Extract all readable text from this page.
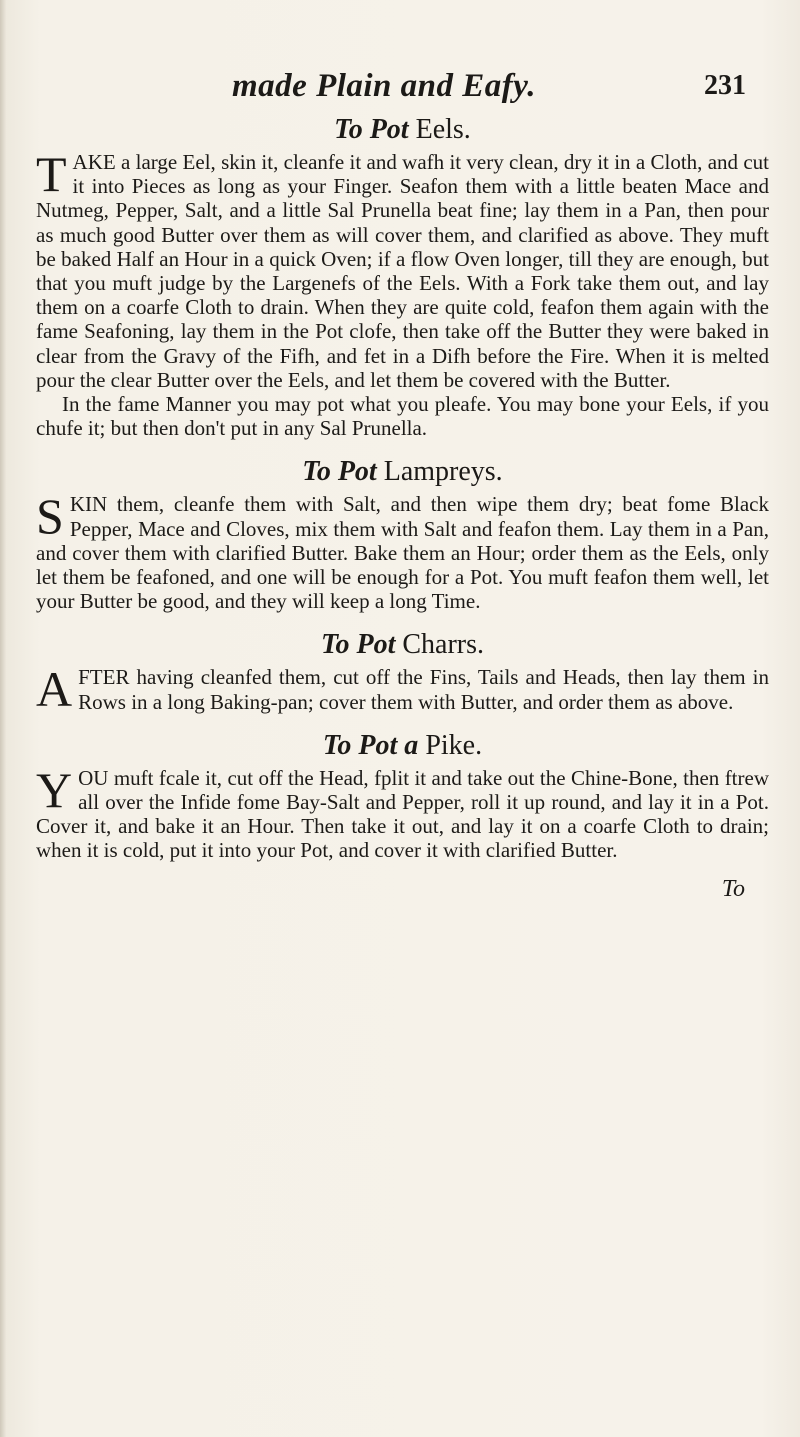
made Plain and Eafy.	231
To Pot Eels.

TAKE a large Eel, skin it, cleanfe it and wafh it very clean, dry it in a Cloth, and cut it into Pieces as long as your Finger. Seafon them with a little beaten Mace and Nutmeg, Pepper, Salt, and a little Sal Prunella beat fine; lay them in a Pan, then pour as much good Butter over them as will cover them, and clarified as above. They muft be baked Half an Hour in a quick Oven; if a flow Oven longer, till they are enough, but that you muft judge by the Largenefs of the Eels. With a Fork take them out, and lay them on a coarfe Cloth to drain. When they are quite cold, feafon them again with the fame Seafoning, lay them in the Pot clofe, then take off the Butter they were baked in clear from the Gravy of the Fifh, and fet in a Difh before the Fire. When it is melted pour the clear Butter over the Eels, and let them be covered with the Butter.

In the fame Manner you may pot what you pleafe. You may bone your Eels, if you chufe it; but then don't put in any Sal Prunella.

To Pot Lampreys.

SKIN them, cleanfe them with Salt, and then wipe them dry; beat fome Black Pepper, Mace and Cloves, mix them with Salt and feafon them. Lay them in a Pan, and cover them with clarified Butter. Bake them an Hour; order them as the Eels, only let them be feafoned, and one will be enough for a Pot. You muft feafon them well, let your Butter be good, and they will keep a long Time.

To Pot Charrs.

AFTER having cleanfed them, cut off the Fins, Tails and Heads, then lay them in Rows in a long Baking-pan; cover them with Butter, and order them as above.

To Pot a Pike.

YOU muft fcale it, cut off the Head, fplit it and take out the Chine-Bone, then ftrew all over the Infide fome Bay-Salt and Pepper, roll it up round, and lay it in a Pot. Cover it, and bake it an Hour. Then take it out, and lay it on a coarfe Cloth to drain; when it is cold, put it into your Pot, and cover it with clarified Butter.

To
